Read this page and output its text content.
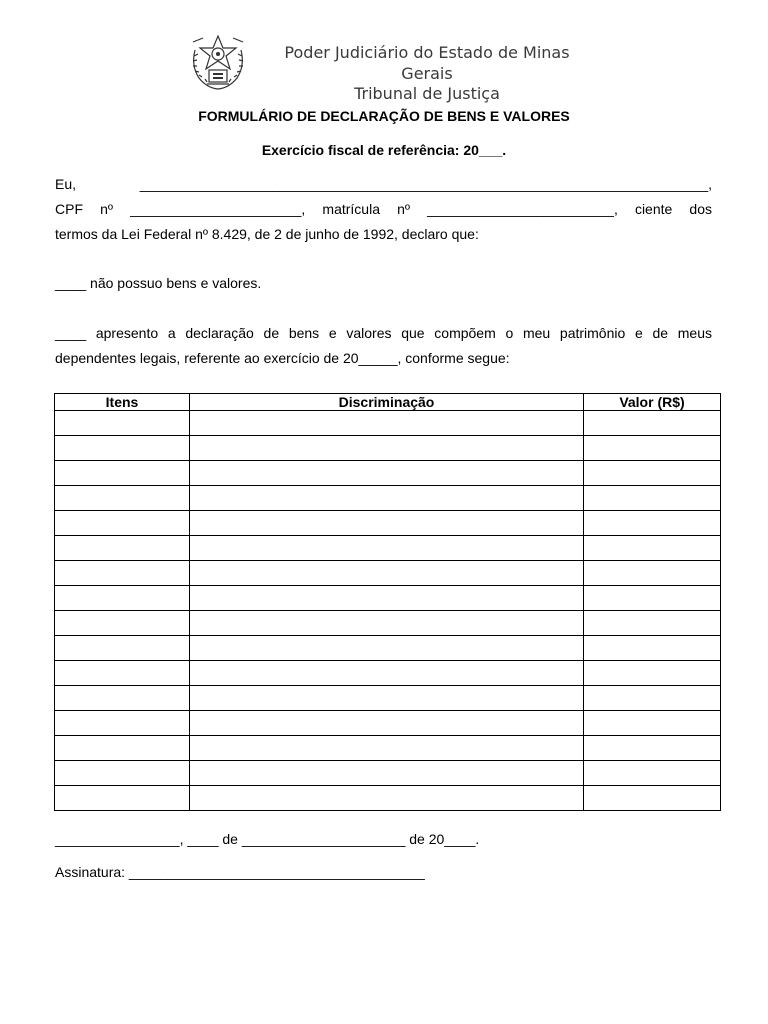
Poder Judiciário do Estado de Minas Gerais
Tribunal de Justiça
FORMULÁRIO DE DECLARAÇÃO DE BENS E VALORES
Exercício fiscal de referência: 20___.
Eu,	_________________________________________________________________________,
CPF nº ______________________, matrícula nº ________________________, ciente dos
termos da Lei Federal nº 8.429, de 2 de junho de 1992, declaro que:
____ não possuo bens e valores.
____ apresento a declaração de bens e valores que compõem o meu patrimônio e de meus
dependentes legais, referente ao exercício de 20_____, conforme segue:
Itens	Discriminação	Valor (R$)

________________, ____ de _____________________ de 20____.
Assinatura: ______________________________________
